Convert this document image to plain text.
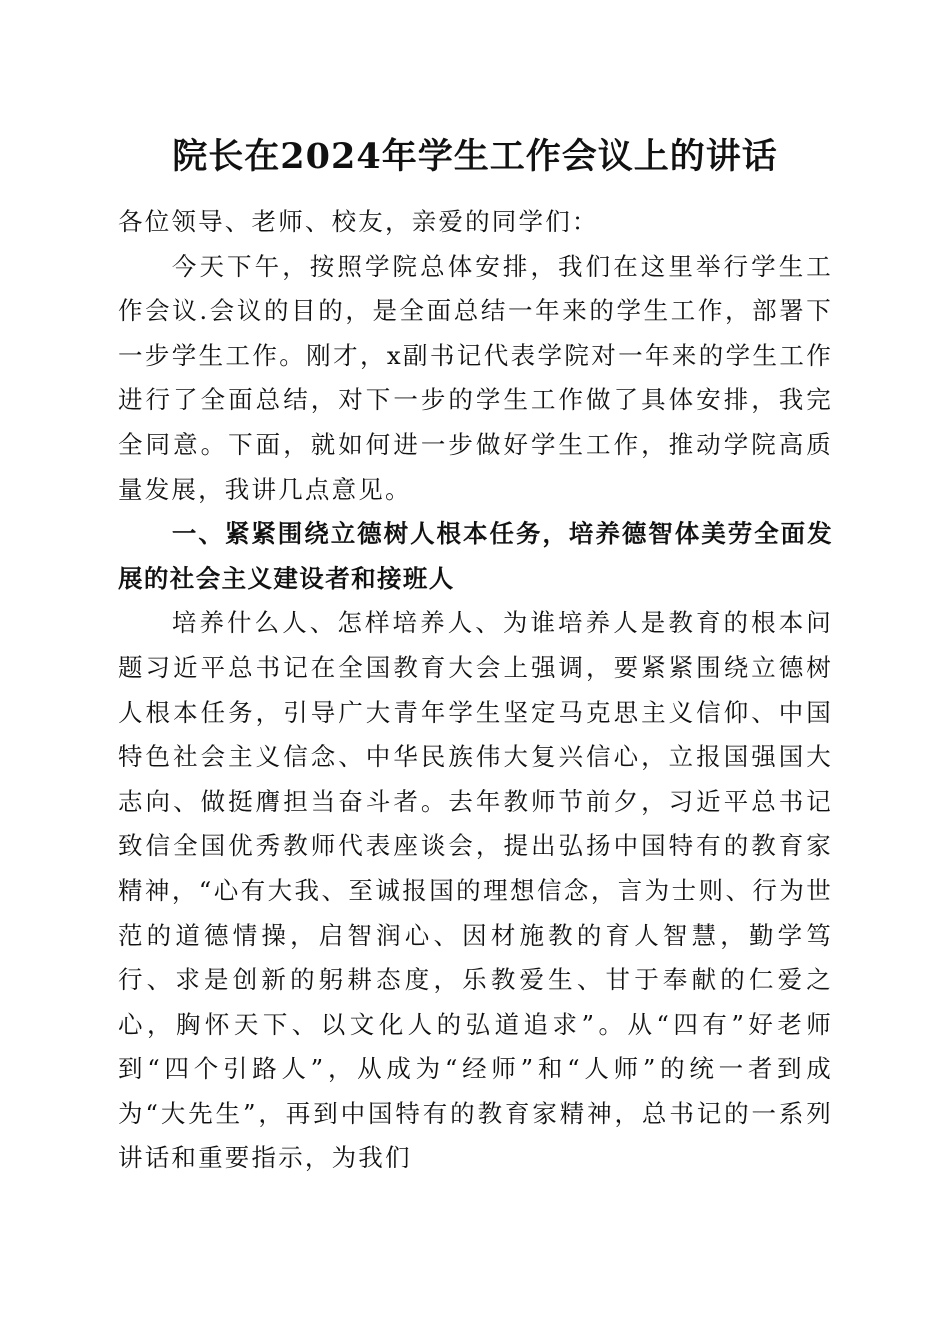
院长在2024年学生工作会议上的讲话

各位领导、老师、校友，亲爱的同学们：

今天下午，按照学院总体安排，我们在这里举行学生工作会议.会议的目的，是全面总结一年来的学生工作，部署下一步学生工作。刚才，x副书记代表学院对一年来的学生工作进行了全面总结，对下一步的学生工作做了具体安排，我完全同意。下面，就如何进一步做好学生工作，推动学院高质量发展，我讲几点意见。

一、紧紧围绕立德树人根本任务，培养德智体美劳全面发展的社会主义建设者和接班人

培养什么人、怎样培养人、为谁培养人是教育的根本问题习近平总书记在全国教育大会上强调，要紧紧围绕立德树人根本任务，引导广大青年学生坚定马克思主义信仰、中国特色社会主义信念、中华民族伟大复兴信心，立报国强国大志向、做挺膺担当奋斗者。去年教师节前夕，习近平总书记致信全国优秀教师代表座谈会，提出弘扬中国特有的教育家精神，“心有大我、至诚报国的理想信念，言为士则、行为世范的道德情操，启智润心、因材施教的育人智慧，勤学笃行、求是创新的躬耕态度，乐教爱生、甘于奉献的仁爱之心，胸怀天下、以文化人的弘道追求”。从“四有”好老师到“四个引路人”，从成为“经师”和“人师”的统一者到成为“大先生”，再到中国特有的教育家精神，总书记的一系列讲话和重要指示，为我们
